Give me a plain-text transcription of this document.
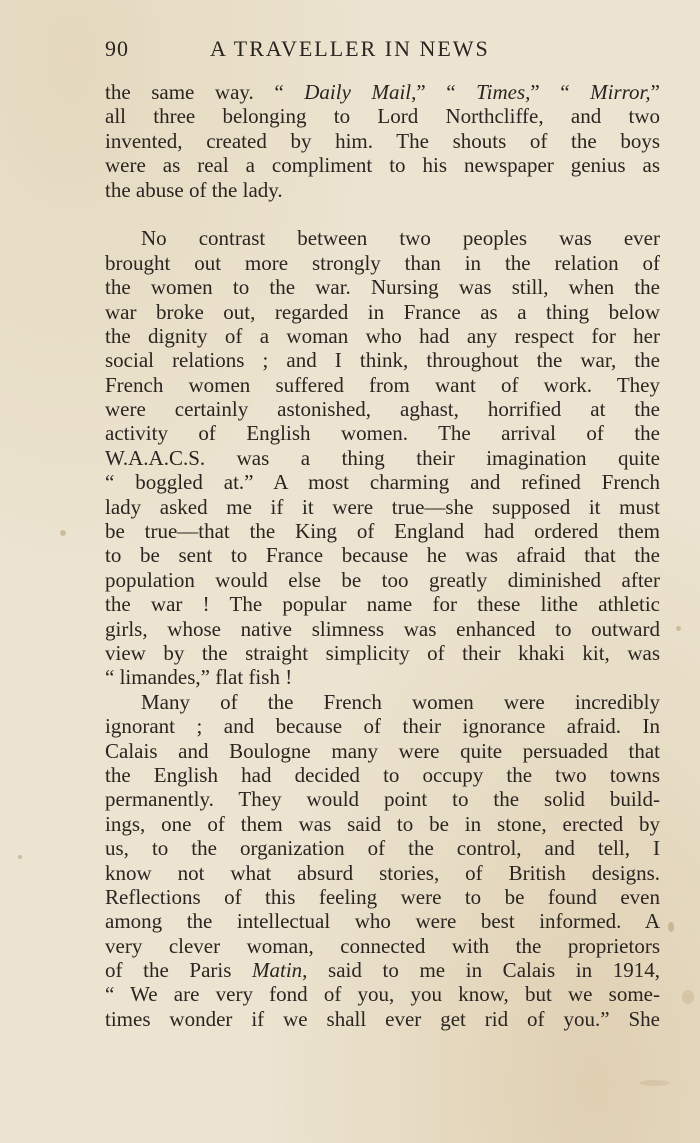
90	A TRAVELLER IN NEWS
the same way. “ Daily Mail,” “ Times,” “ Mirror,”
all three belonging to Lord Northcliffe, and two
invented, created by him. The shouts of the boys
were as real a compliment to his newspaper genius as
the abuse of the lady.
No contrast between two peoples was ever
brought out more strongly than in the relation of
the women to the war. Nursing was still, when the
war broke out, regarded in France as a thing below
the dignity of a woman who had any respect for her
social relations ; and I think, throughout the war, the
French women suffered from want of work. They
were certainly astonished, aghast, horrified at the
activity of English women. The arrival of the
W.A.A.C.S. was a thing their imagination quite
“ boggled at.” A most charming and refined French
lady asked me if it were true—she supposed it must
be true—that the King of England had ordered them
to be sent to France because he was afraid that the
population would else be too greatly diminished after
the war ! The popular name for these lithe athletic
girls, whose native slimness was enhanced to outward
view by the straight simplicity of their khaki kit, was
“ limandes,” flat fish !
Many of the French women were incredibly
ignorant ; and because of their ignorance afraid. In
Calais and Boulogne many were quite persuaded that
the English had decided to occupy the two towns
permanently. They would point to the solid build-
ings, one of them was said to be in stone, erected by
us, to the organization of the control, and tell, I
know not what absurd stories, of British designs.
Reflections of this feeling were to be found even
among the intellectual who were best informed. A
very clever woman, connected with the proprietors
of the Paris Matin, said to me in Calais in 1914,
“ We are very fond of you, you know, but we some-
times wonder if we shall ever get rid of you.” She
